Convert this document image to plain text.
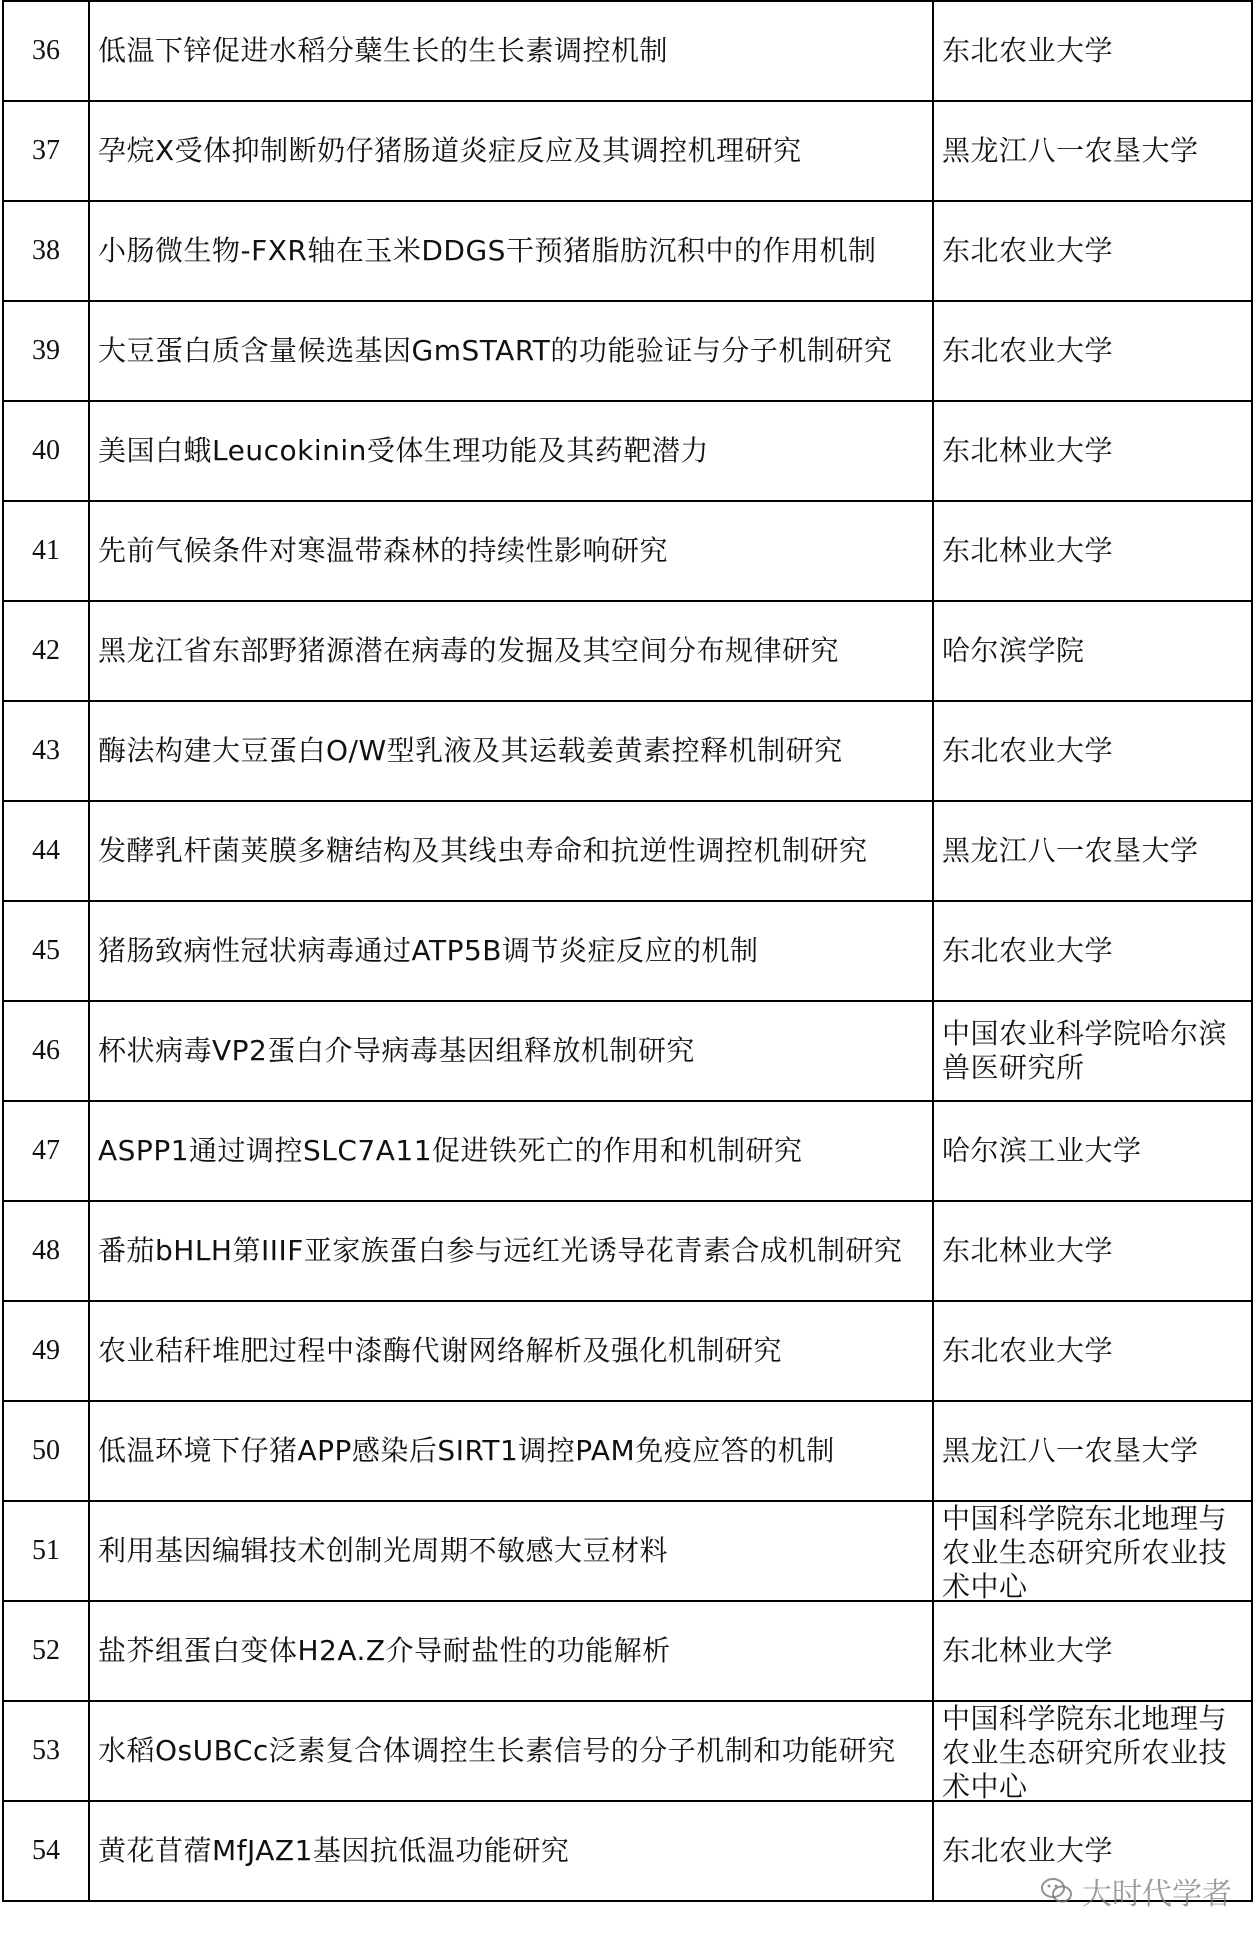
36	低温下锌促进水稻分蘖生长的生长素调控机制	东北农业大学

37	孕烷X受体抑制断奶仔猪肠道炎症反应及其调控机理研究	黑龙江八一农垦大学

38	小肠微生物-FXR轴在玉米DDGS干预猪脂肪沉积中的作用机制	东北农业大学

39	大豆蛋白质含量候选基因GmSTART的功能验证与分子机制研究	东北农业大学

40	美国白蛾Leucokinin受体生理功能及其药靶潜力	东北林业大学

41	先前气候条件对寒温带森林的持续性影响研究	东北林业大学

42	黑龙江省东部野猪源潜在病毒的发掘及其空间分布规律研究	哈尔滨学院

43	酶法构建大豆蛋白O/W型乳液及其运载姜黄素控释机制研究	东北农业大学

44	发酵乳杆菌荚膜多糖结构及其线虫寿命和抗逆性调控机制研究	黑龙江八一农垦大学

45	猪肠致病性冠状病毒通过ATP5B调节炎症反应的机制	东北农业大学

46	杯状病毒VP2蛋白介导病毒基因组释放机制研究	中国农业科学院哈尔滨兽医研究所

47	ASPP1通过调控SLC7A11促进铁死亡的作用和机制研究	哈尔滨工业大学

48	番茄bHLH第IIIF亚家族蛋白参与远红光诱导花青素合成机制研究	东北林业大学

49	农业秸秆堆肥过程中漆酶代谢网络解析及强化机制研究	东北农业大学

50	低温环境下仔猪APP感染后SIRT1调控PAM免疫应答的机制	黑龙江八一农垦大学

51	利用基因编辑技术创制光周期不敏感大豆材料	中国科学院东北地理与农业生态研究所农业技术中心

52	盐芥组蛋白变体H2A.Z介导耐盐性的功能解析	东北林业大学

53	水稻OsUBCc泛素复合体调控生长素信号的分子机制和功能研究	中国科学院东北地理与农业生态研究所农业技术中心

54	黄花苜蓿MfJAZ1基因抗低温功能研究	东北农业大学
大时代学者
